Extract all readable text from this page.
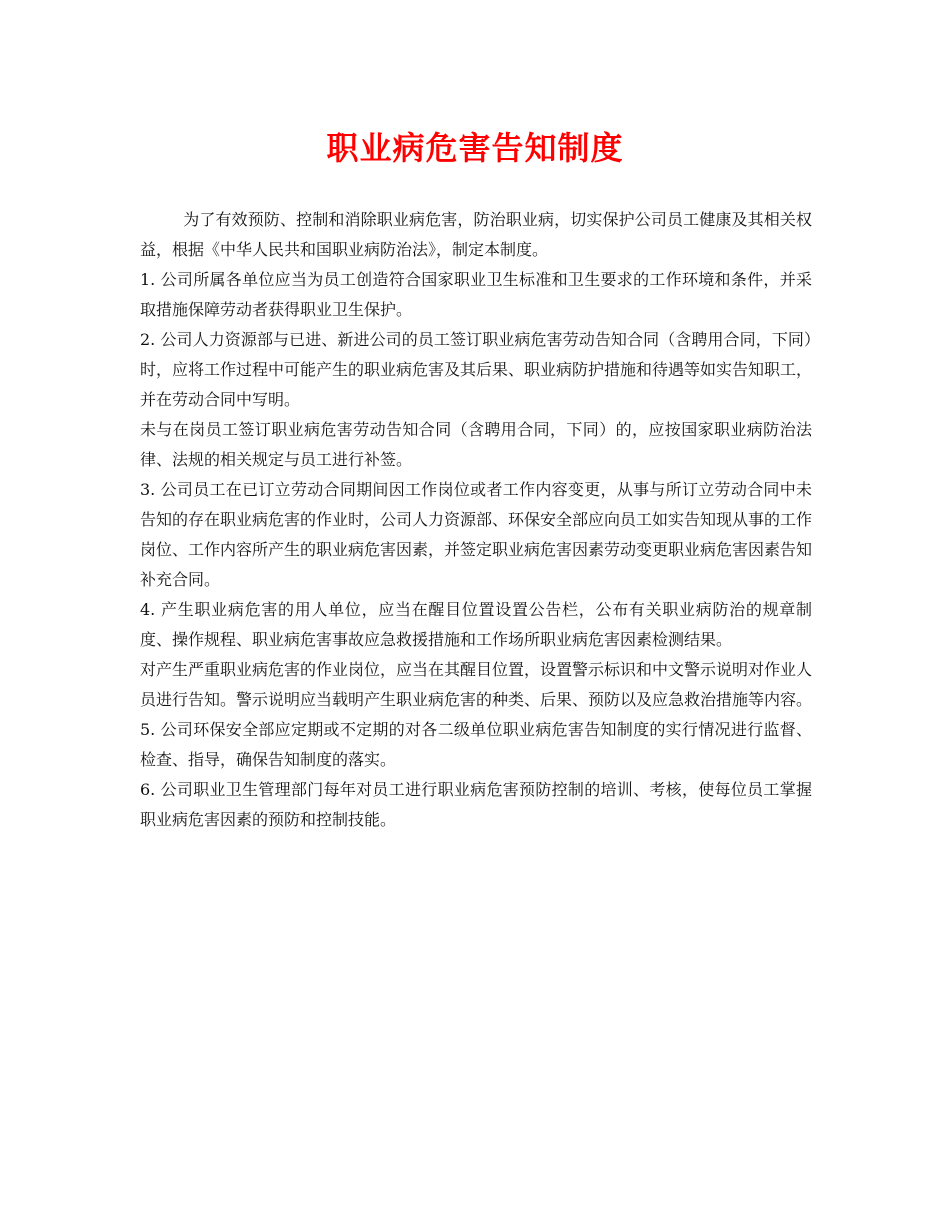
职业病危害告知制度

为了有效预防、控制和消除职业病危害，防治职业病，切实保护公司员工健康及其相关权益，根据《中华人民共和国职业病防治法》，制定本制度。

1. 公司所属各单位应当为员工创造符合国家职业卫生标准和卫生要求的工作环境和条件，并采取措施保障劳动者获得职业卫生保护。

2. 公司人力资源部与已进、新进公司的员工签订职业病危害劳动告知合同（含聘用合同，下同）时，应将工作过程中可能产生的职业病危害及其后果、职业病防护措施和待遇等如实告知职工，并在劳动合同中写明。

未与在岗员工签订职业病危害劳动告知合同（含聘用合同，下同）的，应按国家职业病防治法律、法规的相关规定与员工进行补签。

3. 公司员工在已订立劳动合同期间因工作岗位或者工作内容变更，从事与所订立劳动合同中未告知的存在职业病危害的作业时，公司人力资源部、环保安全部应向员工如实告知现从事的工作岗位、工作内容所产生的职业病危害因素，并签定职业病危害因素劳动变更职业病危害因素告知补充合同。

4. 产生职业病危害的用人单位，应当在醒目位置设置公告栏，公布有关职业病防治的规章制度、操作规程、职业病危害事故应急救援措施和工作场所职业病危害因素检测结果。

对产生严重职业病危害的作业岗位，应当在其醒目位置，设置警示标识和中文警示说明对作业人员进行告知。警示说明应当载明产生职业病危害的种类、后果、预防以及应急救治措施等内容。

5. 公司环保安全部应定期或不定期的对各二级单位职业病危害告知制度的实行情况进行监督、检查、指导，确保告知制度的落实。

6. 公司职业卫生管理部门每年对员工进行职业病危害预防控制的培训、考核，使每位员工掌握职业病危害因素的预防和控制技能。
